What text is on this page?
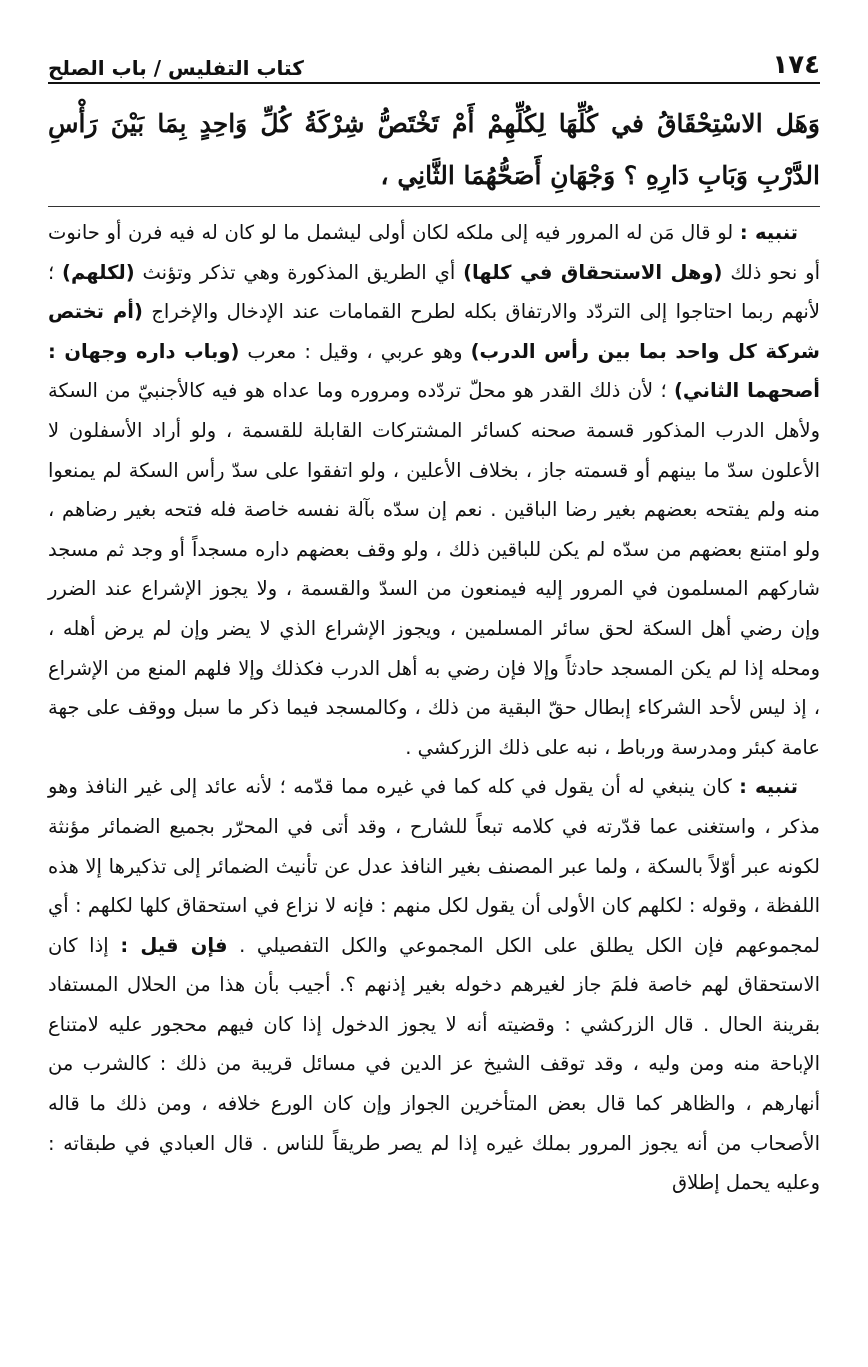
١٧٤
كتاب التفليس / باب الصلح

وَهَل الاسْتِحْقَاقُ في كُلِّهَا لِكُلِّهِمْ أَمْ تَخْتَصُّ شِرْكَةُ كُلِّ وَاحِدٍ بِمَا بَيْنَ رَأْسِ الدَّرْبِ وَبَابِ دَارِهِ ؟ وَجْهَانِ أَصَحُّهُمَا الثَّانِي ،

تنبيه : لو قال مَن له المرور فيه إلى ملكه لكان أولى ليشمل ما لو كان له فيه فرن أو حانوت أو نحو ذلك (وهل الاستحقاق في كلها) أي الطريق المذكورة وهي تذكر وتؤنث (لكلهم) ؛ لأنهم ربما احتاجوا إلى التردّد والارتفاق بكله لطرح القمامات عند الإدخال والإخراج (أم تختص شركة كل واحد بما بين رأس الدرب) وهو عربي ، وقيل : معرب (وباب داره وجهان : أصحهما الثاني) ؛ لأن ذلك القدر هو محلّ تردّده ومروره وما عداه هو فيه كالأجنبيّ من السكة ولأهل الدرب المذكور قسمة صحنه كسائر المشتركات القابلة للقسمة ، ولو أراد الأسفلون لا الأعلون سدّ ما بينهم أو قسمته جاز ، بخلاف الأعلين ، ولو اتفقوا على سدّ رأس السكة لم يمنعوا منه ولم يفتحه بعضهم بغير رضا الباقين . نعم إن سدّه بآلة نفسه خاصة فله فتحه بغير رضاهم ، ولو امتنع بعضهم من سدّه لم يكن للباقين ذلك ، ولو وقف بعضهم داره مسجداً أو وجد ثم مسجد شاركهم المسلمون في المرور إليه فيمنعون من السدّ والقسمة ، ولا يجوز الإشراع عند الضرر وإن رضي أهل السكة لحق سائر المسلمين ، ويجوز الإشراع الذي لا يضر وإن لم يرض أهله ، ومحله إذا لم يكن المسجد حادثاً وإلا فإن رضي به أهل الدرب فكذلك وإلا فلهم المنع من الإشراع ، إذ ليس لأحد الشركاء إبطال حقّ البقية من ذلك ، وكالمسجد فيما ذكر ما سبل ووقف على جهة عامة كبئر ومدرسة ورباط ، نبه على ذلك الزركشي .

تنبيه : كان ينبغي له أن يقول في كله كما في غيره مما قدّمه ؛ لأنه عائد إلى غير النافذ وهو مذكر ، واستغنى عما قدّرته في كلامه تبعاً للشارح ، وقد أتى في المحرّر بجميع الضمائر مؤنثة لكونه عبر أوّلاً بالسكة ، ولما عبر المصنف بغير النافذ عدل عن تأنيث الضمائر إلى تذكيرها إلا هذه اللفظة ، وقوله : لكلهم كان الأولى أن يقول لكل منهم : فإنه لا نزاع في استحقاق كلها لكلهم : أي لمجموعهم فإن الكل يطلق على الكل المجموعي والكل التفصيلي . فإن قيل : إذا كان الاستحقاق لهم خاصة فلمَ جاز لغيرهم دخوله بغير إذنهم ؟. أجيب بأن هذا من الحلال المستفاد بقرينة الحال . قال الزركشي : وقضيته أنه لا يجوز الدخول إذا كان فيهم محجور عليه لامتناع الإباحة منه ومن وليه ، وقد توقف الشيخ عز الدين في مسائل قريبة من ذلك : كالشرب من أنهارهم ، والظاهر كما قال بعض المتأخرين الجواز وإن كان الورع خلافه ، ومن ذلك ما قاله الأصحاب من أنه يجوز المرور بملك غيره إذا لم يصر طريقاً للناس . قال العبادي في طبقاته : وعليه يحمل إطلاق
